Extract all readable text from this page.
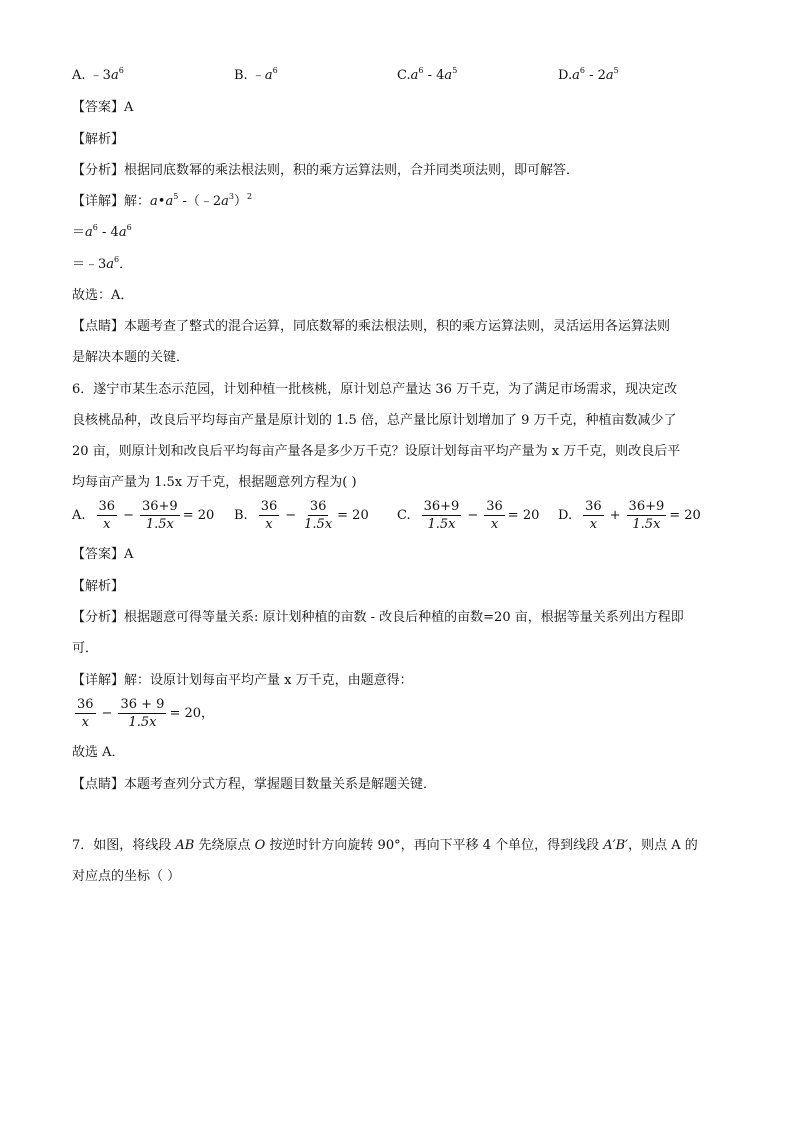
A. $﹣3a^6$	B. $﹣a^6$	$C.a^6 - 4a^5$	$D.a^6 - 2a^5$
【答案】A
【解析】
【分析】根据同底数幂的乘法根法则，积的乘方运算法则，合并同类项法则，即可解答．
【详解】解：$a•a^5$ $-(﹣2a^3)^2$
$=a^6 - 4a^6$
$=﹣3a^6$．
故选：A．
【点睛】本题考查了整式的混合运算，同底数幂的乘法根法则，积的乘方运算法则，灵活运用各运算法则
是解决本题的关键．
6．遂宁市某生态示范园，计划种植一批核桃，原计划总产量达 36 万千克，为了满足市场需求，现决定改
良核桃品种，改良后平均每亩产量是原计划的 1.5 倍，总产量比原计划增加了 9 万千克，种植亩数减少了
20 亩，则原计划和改良后平均每亩产量各是多少万千克？设原计划每亩平均产量为 x 万千克，则改良后平
均每亩产量为 1.5x 万千克，根据题意列方程为( )
A. $\frac{36}{x} - \frac{36+9}{1.5x} = 20$ B. $\frac{36}{x} - \frac{36}{1.5x} = 20$ C. $\frac{36+9}{1.5x} - \frac{36}{x} = 20$ D. $\frac{36}{x} + \frac{36+9}{1.5x} = 20$
【答案】A
【解析】
【分析】根据题意可得等量关系: 原计划种植的亩数 - 改良后种植的亩数=20 亩，根据等量关系列出方程即
可．
【详解】解：设原计划每亩平均产量 x 万千克，由题意得：
$\frac{36}{x} - \frac{36 + 9}{1.5x} = 20$，
故选 A．
【点睛】本题考查列分式方程，掌握题目数量关系是解题关键．
7．如图，将线段 AB 先绕原点 O 按逆时针方向旋转 90°，再向下平移 4 个单位，得到线段 A′B′，则点 A 的
对应点的坐标（ ）
